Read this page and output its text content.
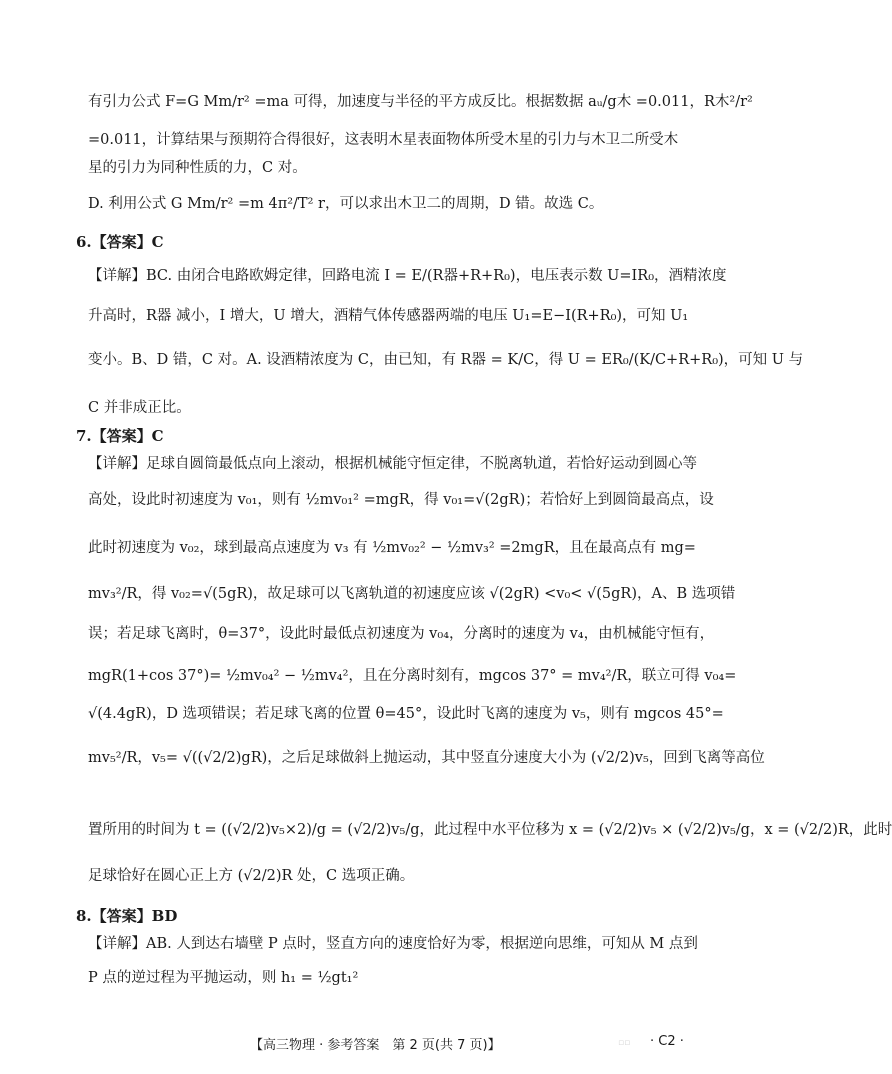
有引力公式 F=G Mm/r² =ma 可得，加速度与半径的平方成反比。根据数据 aᵤ/g木 =0.011，R木²/r²
=0.011，计算结果与预期符合得很好，这表明木星表面物体所受木星的引力与木卫二所受木
星的引力为同种性质的力，C 对。
D. 利用公式 G Mm/r² =m 4π²/T² r，可以求出木卫二的周期，D 错。故选 C。
6.【答案】C
【详解】BC. 由闭合电路欧姆定律，回路电流 I = E/(R器+R+R₀)，电压表示数 U=IR₀，酒精浓度
升高时，R器 减小，I 增大，U 增大，酒精气体传感器两端的电压 U₁=E−I(R+R₀)，可知 U₁
变小。B、D 错，C 对。A. 设酒精浓度为 C，由已知，有 R器 = K/C，得 U = ER₀/(K/C+R+R₀)，可知 U 与
C 并非成正比。
7.【答案】C
【详解】足球自圆筒最低点向上滚动，根据机械能守恒定律，不脱离轨道，若恰好运动到圆心等
高处，设此时初速度为 v₀₁，则有 ½mv₀₁² =mgR，得 v₀₁=√(2gR)；若恰好上到圆筒最高点，设
此时初速度为 v₀₂，球到最高点速度为 v₃ 有 ½mv₀₂² − ½mv₃² =2mgR，且在最高点有 mg=
mv₃²/R，得 v₀₂=√(5gR)，故足球可以飞离轨道的初速度应该 √(2gR) <v₀< √(5gR)，A、B 选项错
误；若足球飞离时，θ=37°，设此时最低点初速度为 v₀₄，分离时的速度为 v₄，由机械能守恒有，
mgR(1+cos 37°)= ½mv₀₄² − ½mv₄²，且在分离时刻有，mgcos 37° = mv₄²/R，联立可得 v₀₄=
√(4.4gR)，D 选项错误；若足球飞离的位置 θ=45°，设此时飞离的速度为 v₅，则有 mgcos 45°=
mv₅²/R，v₅= √((√2/2)gR)，之后足球做斜上抛运动，其中竖直分速度大小为 (√2/2)v₅，回到飞离等高位
置所用的时间为 t = ((√2/2)v₅×2)/g = (√2/2)v₅/g，此过程中水平位移为 x = (√2/2)v₅ × (√2/2)v₅/g，x = (√2/2)R，此时
足球恰好在圆心正上方 (√2/2)R 处，C 选项正确。
8.【答案】BD
【详解】AB. 人到达右墙壁 P 点时，竖直方向的速度恰好为零，根据逆向思维，可知从 M 点到
P 点的逆过程为平抛运动，则 h₁ = ½gt₁²
【高三物理 · 参考答案　第 2 页(共 7 页)】	▫▫ · C2 ·
